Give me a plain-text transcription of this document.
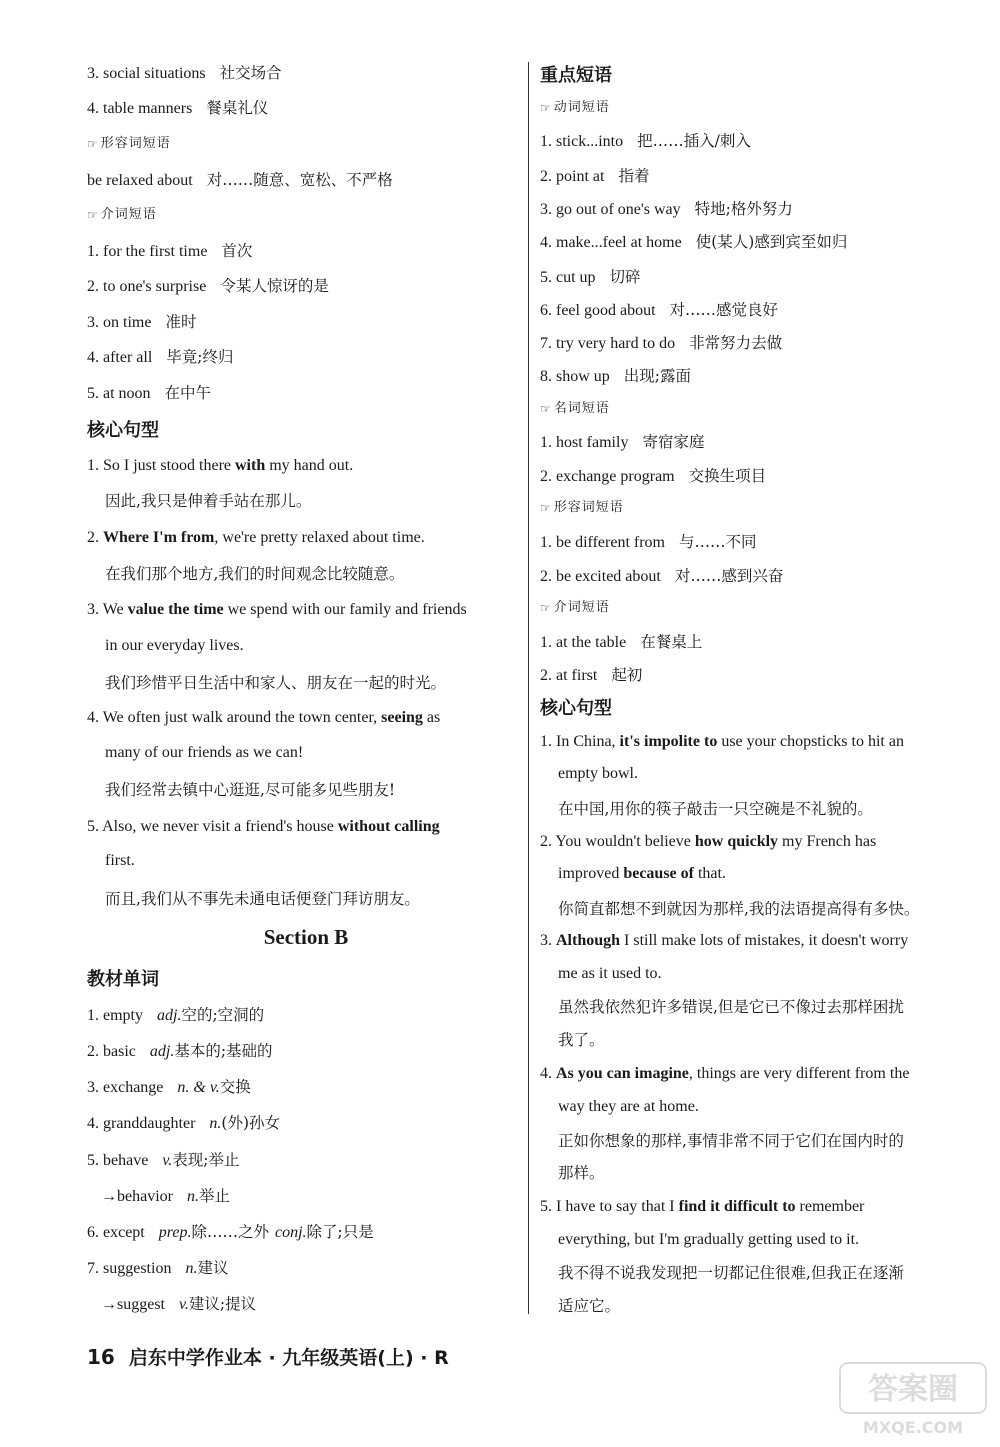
3. social situations 社交场合
4. table manners 餐桌礼仪
☞ 形容词短语
be relaxed about 对……随意、宽松、不严格
☞ 介词短语
1. for the first time 首次
2. to one's surprise 令某人惊讶的是
3. on time 准时
4. after all 毕竟;终归
5. at noon 在中午
核心句型
1. So I just stood there with my hand out.
因此,我只是伸着手站在那儿。
2. Where I'm from, we're pretty relaxed about time.
在我们那个地方,我们的时间观念比较随意。
3. We value the time we spend with our family and friends
in our everyday lives.
我们珍惜平日生活中和家人、朋友在一起的时光。
4. We often just walk around the town center, seeing as
many of our friends as we can!
我们经常去镇中心逛逛,尽可能多见些朋友!
5. Also, we never visit a friend's house without calling
first.
而且,我们从不事先未通电话便登门拜访朋友。
Section B
教材单词
1. empty adj.空的;空洞的
2. basic adj.基本的;基础的
3. exchange n. & v.交换
4. granddaughter n.(外)孙女
5. behave v.表现;举止
→behavior n.举止
6. except prep.除……之外 conj.除了;只是
7. suggestion n.建议
→suggest v.建议;提议
重点短语
☞ 动词短语
1. stick...into 把……插入/刺入
2. point at 指着
3. go out of one's way 特地;格外努力
4. make...feel at home 使(某人)感到宾至如归
5. cut up 切碎
6. feel good about 对……感觉良好
7. try very hard to do 非常努力去做
8. show up 出现;露面
☞ 名词短语
1. host family 寄宿家庭
2. exchange program 交换生项目
☞ 形容词短语
1. be different from 与……不同
2. be excited about 对……感到兴奋
☞ 介词短语
1. at the table 在餐桌上
2. at first 起初
核心句型
1. In China, it's impolite to use your chopsticks to hit an
empty bowl.
在中国,用你的筷子敲击一只空碗是不礼貌的。
2. You wouldn't believe how quickly my French has
improved because of that.
你简直都想不到就因为那样,我的法语提高得有多快。
3. Although I still make lots of mistakes, it doesn't worry
me as it used to.
虽然我依然犯许多错误,但是它已不像过去那样困扰
我了。
4. As you can imagine, things are very different from the
way they are at home.
正如你想象的那样,事情非常不同于它们在国内时的
那样。
5. I have to say that I find it difficult to remember
everything, but I'm gradually getting used to it.
我不得不说我发现把一切都记住很难,但我正在逐渐
适应它。
16 启东中学作业本 · 九年级英语(上) · R
答案圈
MXQE.COM
